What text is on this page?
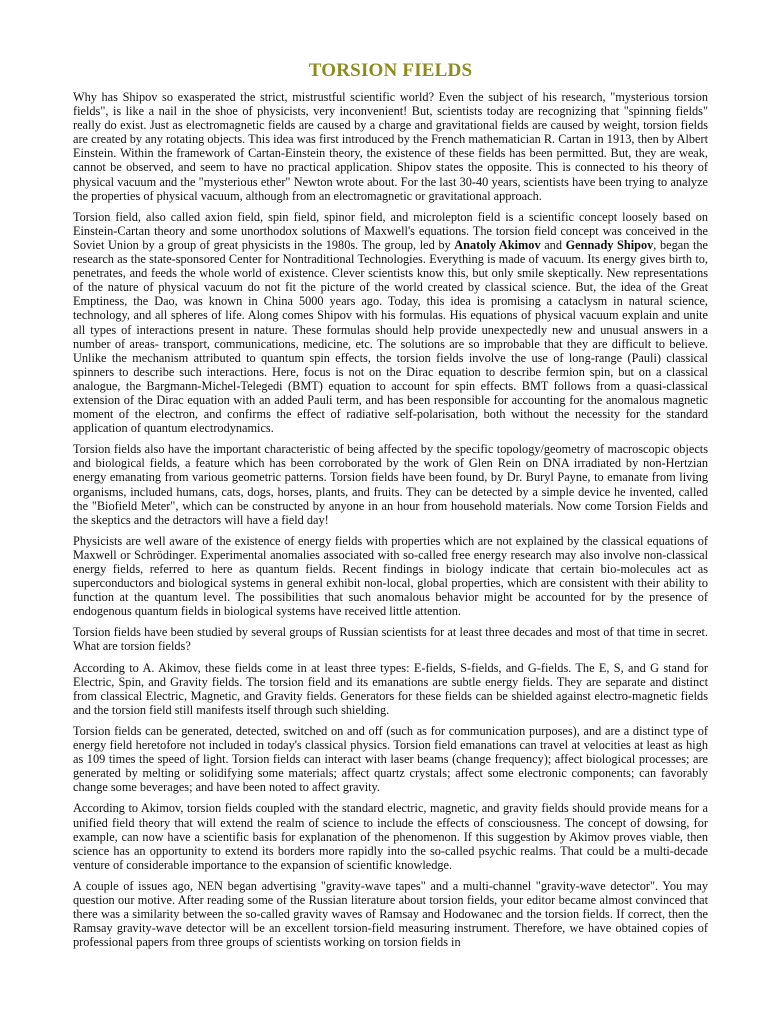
TORSION FIELDS

Why has Shipov so exasperated the strict, mistrustful scientific world? Even the subject of his research, "mysterious torsion fields", is like a nail in the shoe of physicists, very inconvenient! But, scientists today are recognizing that "spinning fields" really do exist. Just as electromagnetic fields are caused by a charge and gravitational fields are caused by weight, torsion fields are created by any rotating objects. This idea was first introduced by the French mathematician R. Cartan in 1913, then by Albert Einstein. Within the framework of Cartan-Einstein theory, the existence of these fields has been permitted. But, they are weak, cannot be observed, and seem to have no practical application. Shipov states the opposite. This is connected to his theory of physical vacuum and the "mysterious ether" Newton wrote about. For the last 30-40 years, scientists have been trying to analyze the properties of physical vacuum, although from an electromagnetic or gravitational approach.

Torsion field, also called axion field, spin field, spinor field, and microlepton field is a scientific concept loosely based on Einstein-Cartan theory and some unorthodox solutions of Maxwell's equations. The torsion field concept was conceived in the Soviet Union by a group of great physicists in the 1980s. The group, led by Anatoly Akimov and Gennady Shipov, began the research as the state-sponsored Center for Nontraditional Technologies. Everything is made of vacuum. Its energy gives birth to, penetrates, and feeds the whole world of existence. Clever scientists know this, but only smile skeptically. New representations of the nature of physical vacuum do not fit the picture of the world created by classical science. But, the idea of the Great Emptiness, the Dao, was known in China 5000 years ago. Today, this idea is promising a cataclysm in natural science, technology, and all spheres of life. Along comes Shipov with his formulas. His equations of physical vacuum explain and unite all types of interactions present in nature. These formulas should help provide unexpectedly new and unusual answers in a number of areas- transport, communications, medicine, etc. The solutions are so improbable that they are difficult to believe. Unlike the mechanism attributed to quantum spin effects, the torsion fields involve the use of long-range (Pauli) classical spinners to describe such interactions. Here, focus is not on the Dirac equation to describe fermion spin, but on a classical analogue, the Bargmann-Michel-Telegedi (BMT) equation to account for spin effects. BMT follows from a quasi-classical extension of the Dirac equation with an added Pauli term, and has been responsible for accounting for the anomalous magnetic moment of the electron, and confirms the effect of radiative self-polarisation, both without the necessity for the standard application of quantum electrodynamics.

Torsion fields also have the important characteristic of being affected by the specific topology/geometry of macroscopic objects and biological fields, a feature which has been corroborated by the work of Glen Rein on DNA irradiated by non-Hertzian energy emanating from various geometric patterns. Torsion fields have been found, by Dr. Buryl Payne, to emanate from living organisms, included humans, cats, dogs, horses, plants, and fruits. They can be detected by a simple device he invented, called the "Biofield Meter", which can be constructed by anyone in an hour from household materials. Now come Torsion Fields and the skeptics and the detractors will have a field day!

Physicists are well aware of the existence of energy fields with properties which are not explained by the classical equations of Maxwell or Schrödinger. Experimental anomalies associated with so-called free energy research may also involve non-classical energy fields, referred to here as quantum fields. Recent findings in biology indicate that certain bio-molecules act as superconductors and biological systems in general exhibit non-local, global properties, which are consistent with their ability to function at the quantum level. The possibilities that such anomalous behavior might be accounted for by the presence of endogenous quantum fields in biological systems have received little attention.

Torsion fields have been studied by several groups of Russian scientists for at least three decades and most of that time in secret. What are torsion fields?

According to A. Akimov, these fields come in at least three types: E-fields, S-fields, and G-fields. The E, S, and G stand for Electric, Spin, and Gravity fields. The torsion field and its emanations are subtle energy fields. They are separate and distinct from classical Electric, Magnetic, and Gravity fields. Generators for these fields can be shielded against electro-magnetic fields and the torsion field still manifests itself through such shielding.

Torsion fields can be generated, detected, switched on and off (such as for communication purposes), and are a distinct type of energy field heretofore not included in today's classical physics. Torsion field emanations can travel at velocities at least as high as 109 times the speed of light. Torsion fields can interact with laser beams (change frequency); affect biological processes; are generated by melting or solidifying some materials; affect quartz crystals; affect some electronic components; can favorably change some beverages; and have been noted to affect gravity.

According to Akimov, torsion fields coupled with the standard electric, magnetic, and gravity fields should provide means for a unified field theory that will extend the realm of science to include the effects of consciousness. The concept of dowsing, for example, can now have a scientific basis for explanation of the phenomenon. If this suggestion by Akimov proves viable, then science has an opportunity to extend its borders more rapidly into the so-called psychic realms. That could be a multi-decade venture of considerable importance to the expansion of scientific knowledge.

A couple of issues ago, NEN began advertising "gravity-wave tapes" and a multi-channel "gravity-wave detector". You may question our motive. After reading some of the Russian literature about torsion fields, your editor became almost convinced that there was a similarity between the so-called gravity waves of Ramsay and Hodowanec and the torsion fields. If correct, then the Ramsay gravity-wave detector will be an excellent torsion-field measuring instrument. Therefore, we have obtained copies of professional papers from three groups of scientists working on torsion fields in
